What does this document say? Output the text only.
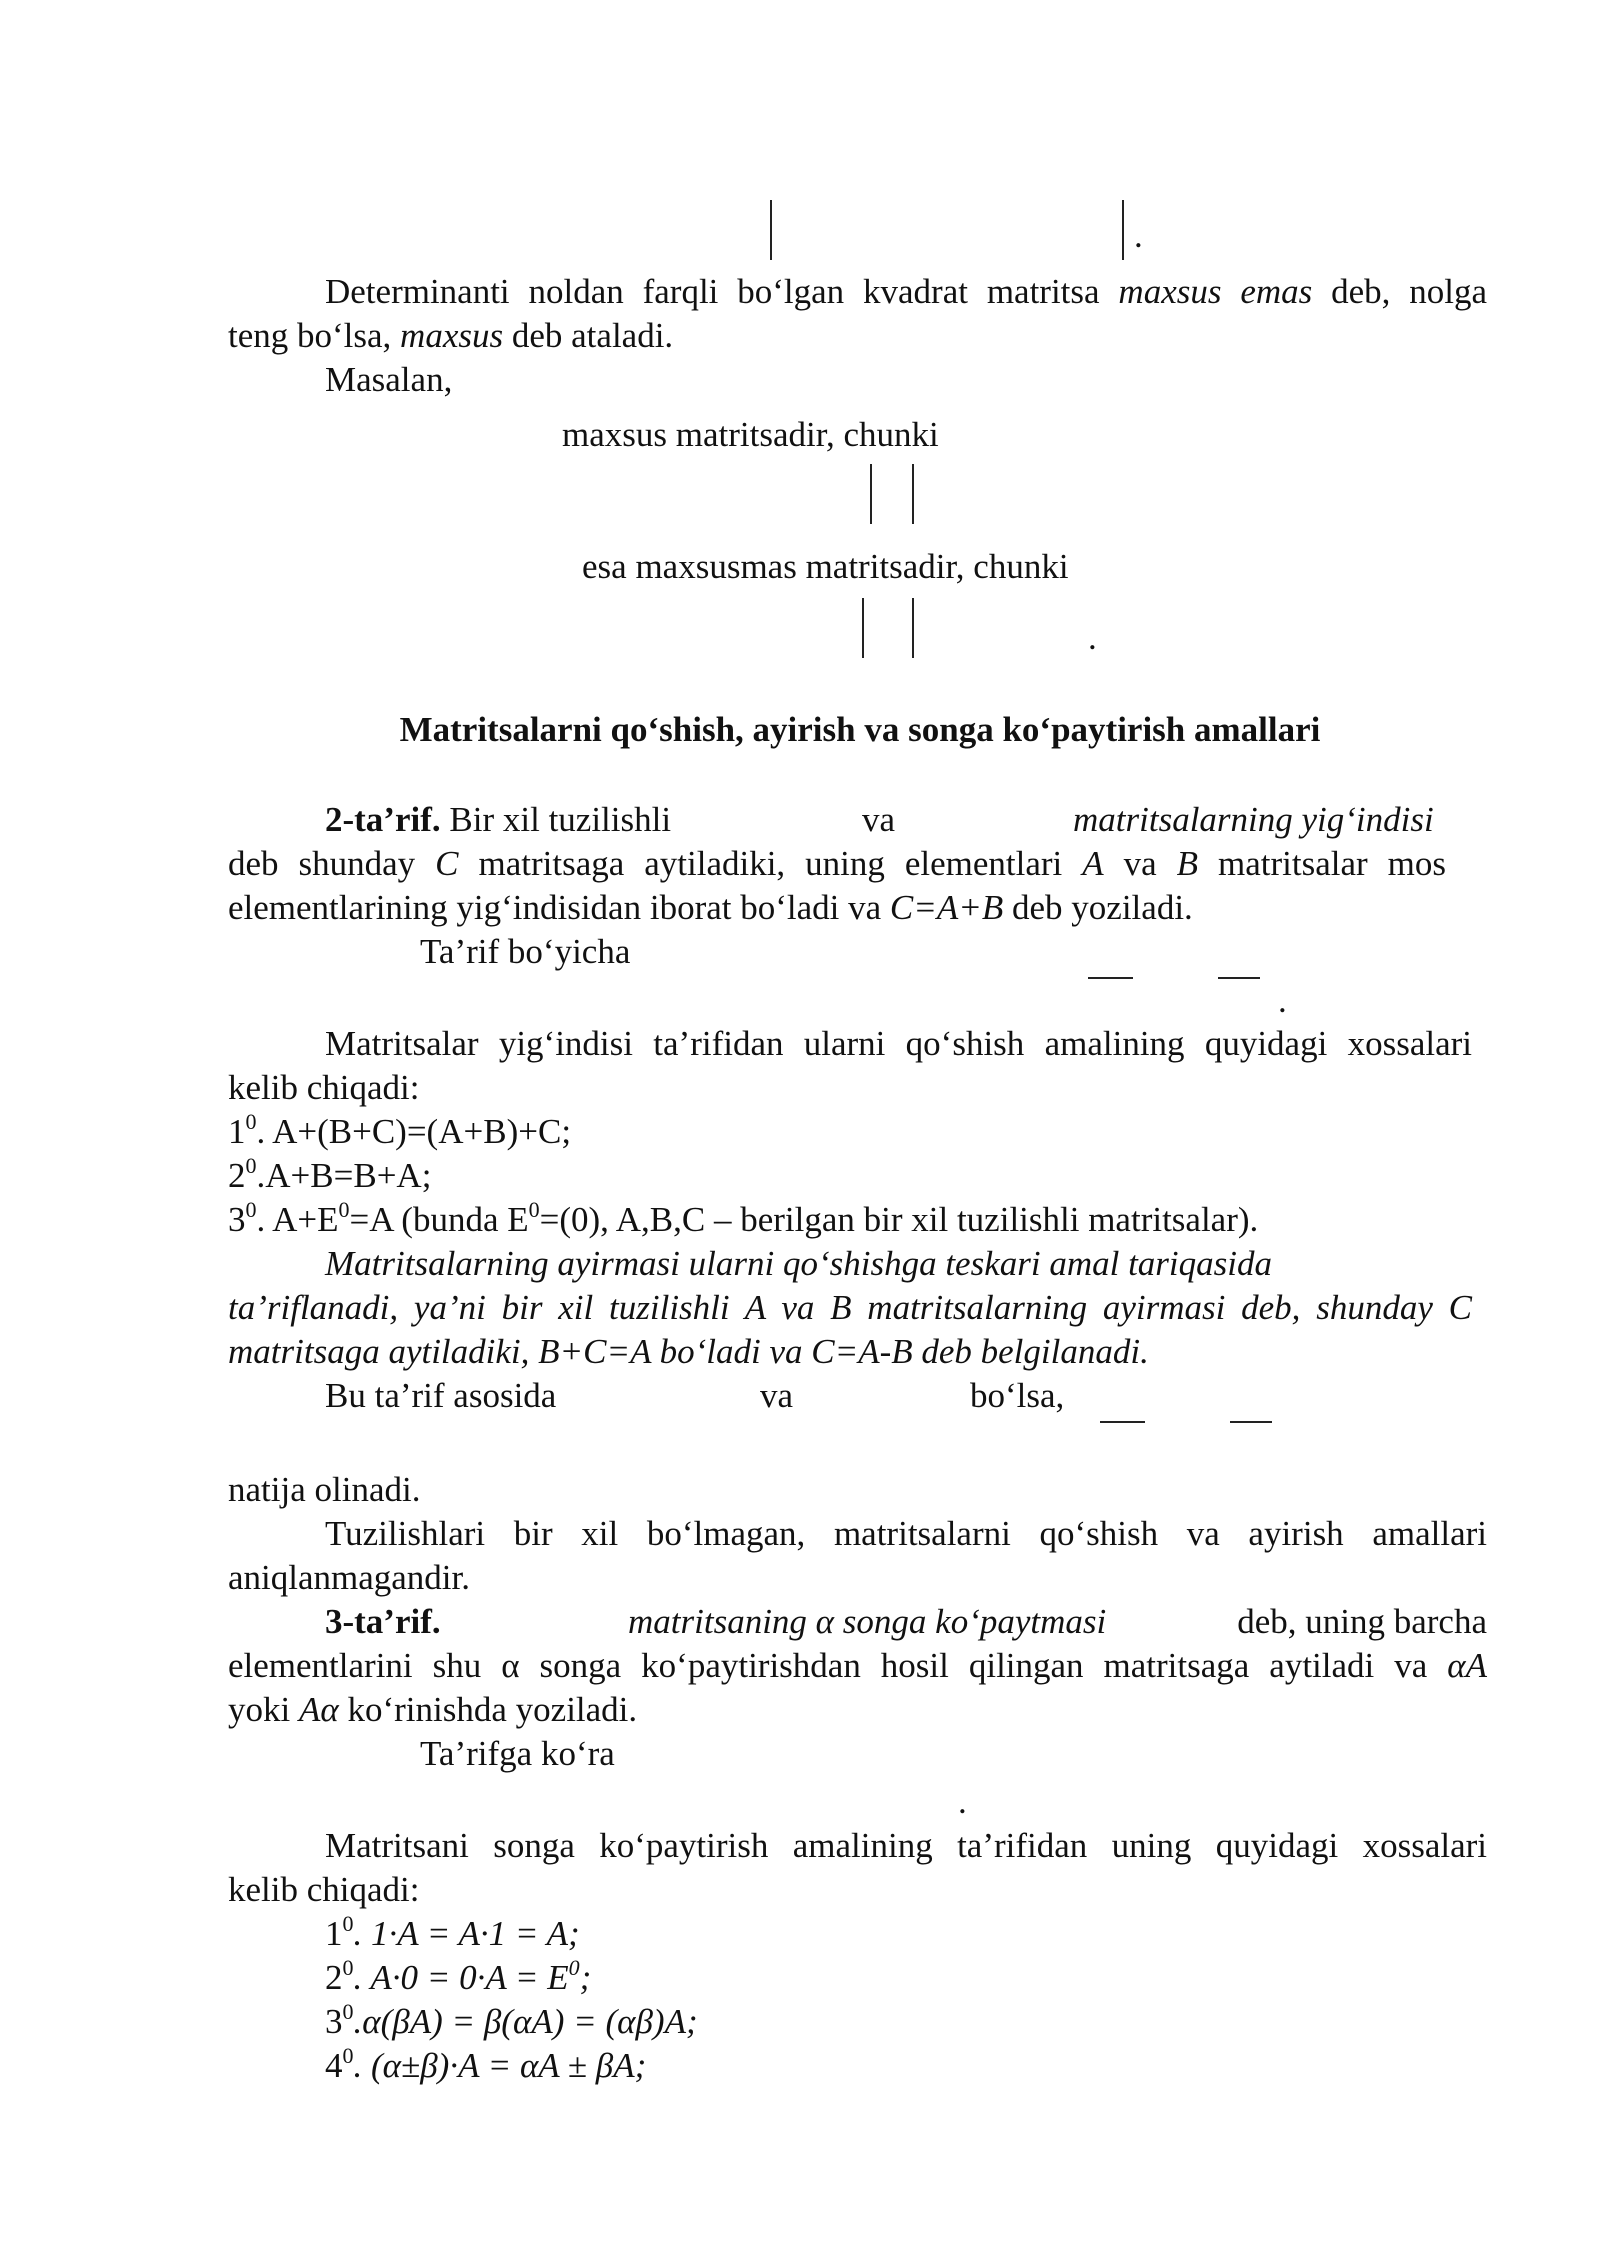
.
Determinanti noldan farqli bo‘lgan kvadrat matritsa maxsus emas deb, nolga
teng bo‘lsa, maxsus deb ataladi.
Masalan,
maxsus matritsadir, chunki
esa maxsusmas matritsadir, chunki
.
Matritsalarni qo‘shish, ayirish va songa ko‘paytirish amallari
2-ta’rif. Bir xil tuzilishli	va	matritsalarning yig‘indisi
deb shunday C matritsaga aytiladiki, uning elementlari A va B matritsalar mos
elementlarining yig‘indisidan iborat bo‘ladi va C=A+B deb yoziladi.
Ta’rif bo‘yicha
.
Matritsalar yig‘indisi ta’rifidan ularni qo‘shish amalining quyidagi xossalari
kelib chiqadi:
$1^0$. A+(B+C)=(A+B)+C;
$2^0.A+B=B+A$;
$3^0$. $A+E^0=A$ (bunda $E^0=(0)$, A,B,C – berilgan bir xil tuzilishli matritsalar).
Matritsalarning ayirmasi ularni qo‘shishga teskari amal tariqasida
ta’riflanadi, ya’ni bir xil tuzilishli A va B matritsalarning ayirmasi deb, shunday C
matritsaga aytiladiki, B+C=A bo‘ladi va C=A-B deb belgilanadi.
Bu ta’rif asosida	va	bo‘lsa,
natija olinadi.
Tuzilishlari bir xil bo‘lmagan, matritsalarni qo‘shish va ayirish amallari
aniqlanmagandir.
3-ta’rif.	matritsaning α songa ko‘paytmasi	deb, uning barcha
elementlarini shu α songa ko‘paytirishdan hosil qilingan matritsaga aytiladi va αA
yoki Aα ko‘rinishda yoziladi.
Ta’rifga ko‘ra
.
Matritsani songa ko‘paytirish amalining ta’rifidan uning quyidagi xossalari
kelib chiqadi:
$1^0$. 1·A = A·1 = A;
$2^0$. $A\cdot 0 = 0\cdot A = E^0$;
$3^0.\alpha(\beta A) = \beta(\alpha A) = (\alpha\beta)A$;
$4^0$. (α±β)·A = αA ± βA;
